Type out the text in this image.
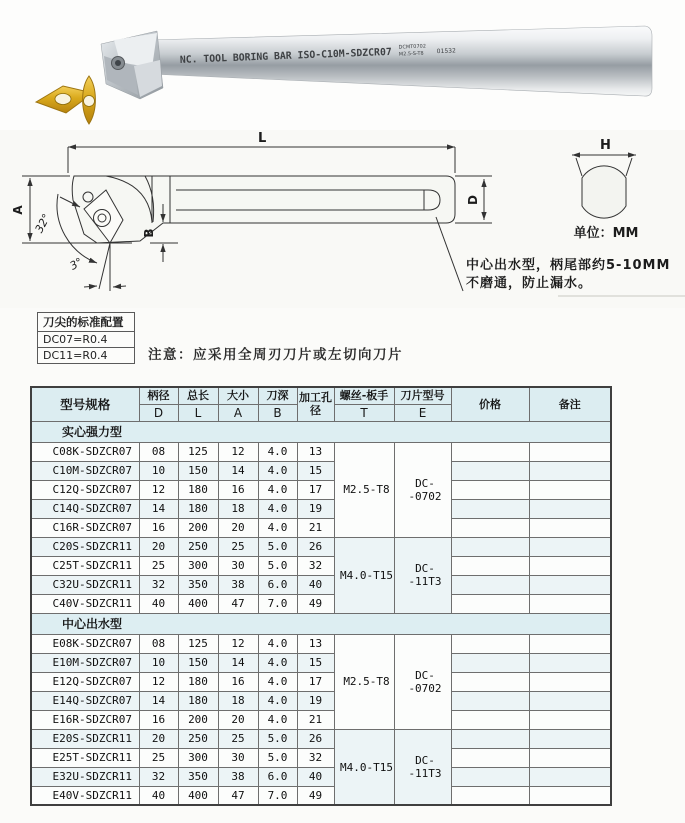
NC. TOOL BORING BAR ISO-C10M-SDZCR07 DCMT0702
M2.5-S-T8 01532
L	H
A
B
D
32°
3°
单位：MM
中心出水型，柄尾部约5-10MM
不磨通，防止漏水。
刀尖的标准配置
DC07=R0.4
DC11=R0.4	注意：应采用全周刃刀片或左切向刀片
型号规格	柄径	总长	大小	刀深	加工孔径	螺丝-板手	刀片型号	价格	备注
	D	L	A	B		T	E		
实心强力型									
C08K-SDZCR07	08	125	12	4.0	13	M2.5-T8	DC--0702		
C10M-SDZCR07	10	150	14	4.0	15				
C12Q-SDZCR07	12	180	16	4.0	17				
C14Q-SDZCR07	14	180	18	4.0	19				
C16R-SDZCR07	16	200	20	4.0	21				
C20S-SDZCR11	20	250	25	5.0	26	M4.0-T15	DC--11T3		
C25T-SDZCR11	25	300	30	5.0	32				
C32U-SDZCR11	32	350	38	6.0	40				
C40V-SDZCR11	40	400	47	7.0	49				
中心出水型									
E08K-SDZCR07	08	125	12	4.0	13	M2.5-T8	DC--0702		
E10M-SDZCR07	10	150	14	4.0	15				
E12Q-SDZCR07	12	180	16	4.0	17				
E14Q-SDZCR07	14	180	18	4.0	19				
E16R-SDZCR07	16	200	20	4.0	21				
E20S-SDZCR11	20	250	25	5.0	26	M4.0-T15	DC--11T3		
E25T-SDZCR11	25	300	30	5.0	32				
E32U-SDZCR11	32	350	38	6.0	40				
E40V-SDZCR11	40	400	47	7.0	49				
